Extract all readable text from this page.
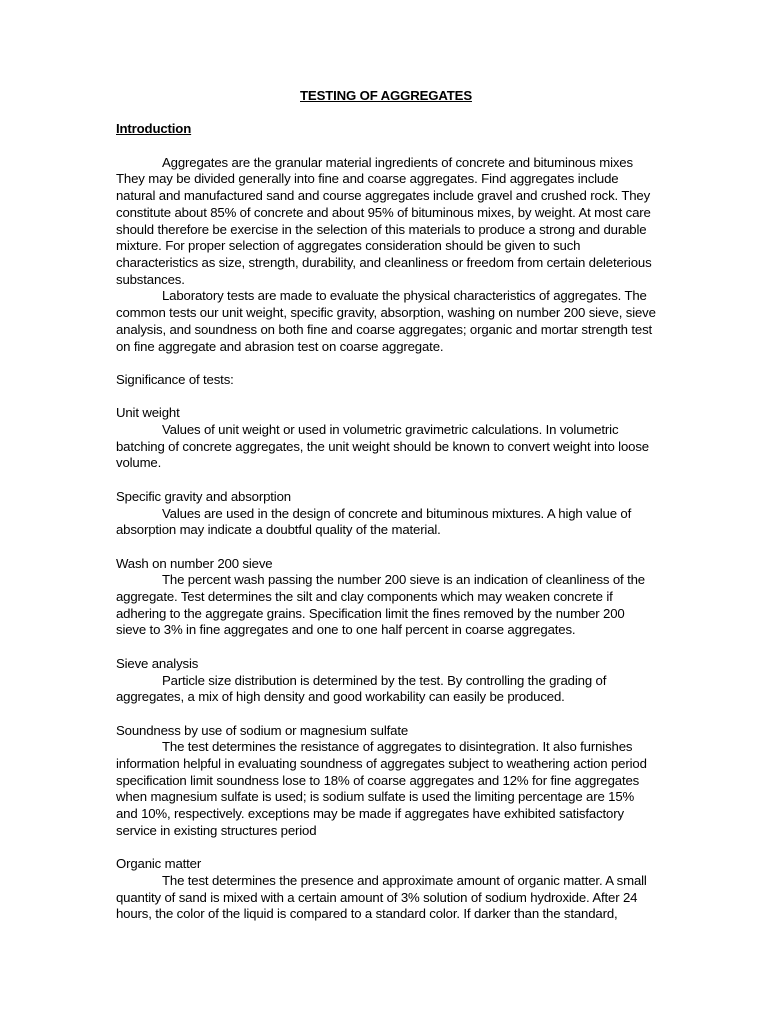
TESTING OF AGGREGATES

Introduction

Aggregates are the granular material ingredients of concrete and bituminous mixes They may be divided generally into fine and coarse aggregates. Find aggregates include natural and manufactured sand and course aggregates include gravel and crushed rock. They constitute about 85% of concrete and about 95% of bituminous mixes, by weight. At most care should therefore be exercise in the selection of this materials to produce a strong and durable mixture. For proper selection of aggregates consideration should be given to such characteristics as size, strength, durability, and cleanliness or freedom from certain deleterious substances.

Laboratory tests are made to evaluate the physical characteristics of aggregates. The common tests our unit weight, specific gravity, absorption, washing on number 200 sieve, sieve analysis, and soundness on both fine and coarse aggregates; organic and mortar strength test on fine aggregate and abrasion test on coarse aggregate.

Significance of tests:

Unit weight

Values of unit weight or used in volumetric gravimetric calculations. In volumetric batching of concrete aggregates, the unit weight should be known to convert weight into loose volume.

Specific gravity and absorption

Values are used in the design of concrete and bituminous mixtures. A high value of absorption may indicate a doubtful quality of the material.

Wash on number 200 sieve

The percent wash passing the number 200 sieve is an indication of cleanliness of the aggregate. Test determines the silt and clay components which may weaken concrete if adhering to the aggregate grains. Specification limit the fines removed by the number 200 sieve to 3% in fine aggregates and one to one half percent in coarse aggregates.

Sieve analysis

Particle size distribution is determined by the test. By controlling the grading of aggregates, a mix of high density and good workability can easily be produced.

Soundness by use of sodium or magnesium sulfate

The test determines the resistance of aggregates to disintegration. It also furnishes information helpful in evaluating soundness of aggregates subject to weathering action period specification limit soundness lose to 18% of coarse aggregates and 12% for fine aggregates when magnesium sulfate is used; is sodium sulfate is used the limiting percentage are 15% and 10%, respectively. exceptions may be made if aggregates have exhibited satisfactory service in existing structures period

Organic matter

The test determines the presence and approximate amount of organic matter. A small quantity of sand is mixed with a certain amount of 3% solution of sodium hydroxide. After 24 hours, the color of the liquid is compared to a standard color. If darker than the standard,
